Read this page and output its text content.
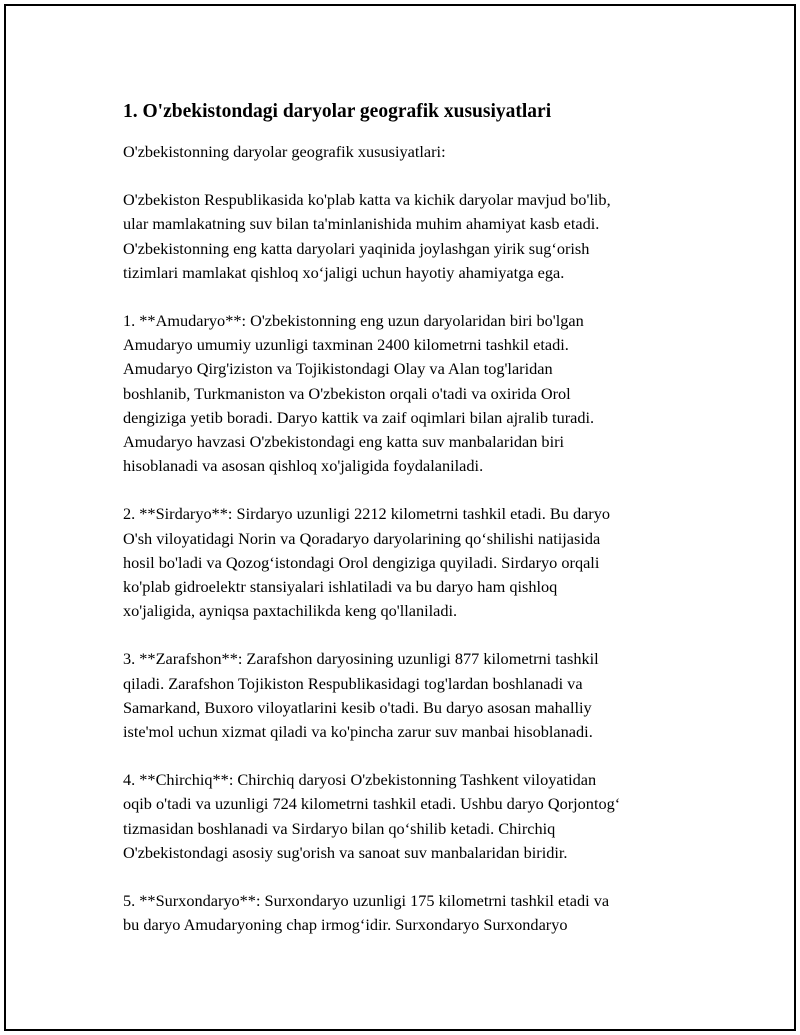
1. O'zbekistondagi daryolar geografik xususiyatlari

O'zbekistonning daryolar geografik xususiyatlari:

O'zbekiston Respublikasida ko'plab katta va kichik daryolar mavjud bo'lib,
ular mamlakatning suv bilan ta'minlanishida muhim ahamiyat kasb etadi.
O'zbekistonning eng katta daryolari yaqinida joylashgan yirik sug‘orish
tizimlari mamlakat qishloq xo‘jaligi uchun hayotiy ahamiyatga ega.

1. **Amudaryo**: O'zbekistonning eng uzun daryolaridan biri bo'lgan
Amudaryo umumiy uzunligi taxminan 2400 kilometrni tashkil etadi.
Amudaryo Qirg'iziston va Tojikistondagi Olay va Alan tog'laridan
boshlanib, Turkmaniston va O'zbekiston orqali o'tadi va oxirida Orol
dengiziga yetib boradi. Daryo kattik va zaif oqimlari bilan ajralib turadi.
Amudaryo havzasi O'zbekistondagi eng katta suv manbalaridan biri
hisoblanadi va asosan qishloq xo'jaligida foydalaniladi.

2. **Sirdaryo**: Sirdaryo uzunligi 2212 kilometrni tashkil etadi. Bu daryo
O'sh viloyatidagi Norin va Qoradaryo daryolarining qo‘shilishi natijasida
hosil bo'ladi va Qozog‘istondagi Orol dengiziga quyiladi. Sirdaryo orqali
ko'plab gidroelektr stansiyalari ishlatiladi va bu daryo ham qishloq
xo'jaligida, ayniqsa paxtachilikda keng qo'llaniladi.

3. **Zarafshon**: Zarafshon daryosining uzunligi 877 kilometrni tashkil
qiladi. Zarafshon Tojikiston Respublikasidagi tog'lardan boshlanadi va
Samarkand, Buxoro viloyatlarini kesib o'tadi. Bu daryo asosan mahalliy
iste'mol uchun xizmat qiladi va ko'pincha zarur suv manbai hisoblanadi.

4. **Chirchiq**: Chirchiq daryosi O'zbekistonning Tashkent viloyatidan
oqib o'tadi va uzunligi 724 kilometrni tashkil etadi. Ushbu daryo Qorjontog‘
tizmasidan boshlanadi va Sirdaryo bilan qo‘shilib ketadi. Chirchiq
O'zbekistondagi asosiy sug'orish va sanoat suv manbalaridan biridir.

5. **Surxondaryo**: Surxondaryo uzunligi 175 kilometrni tashkil etadi va
bu daryo Amudaryoning chap irmog‘idir. Surxondaryo Surxondaryo
